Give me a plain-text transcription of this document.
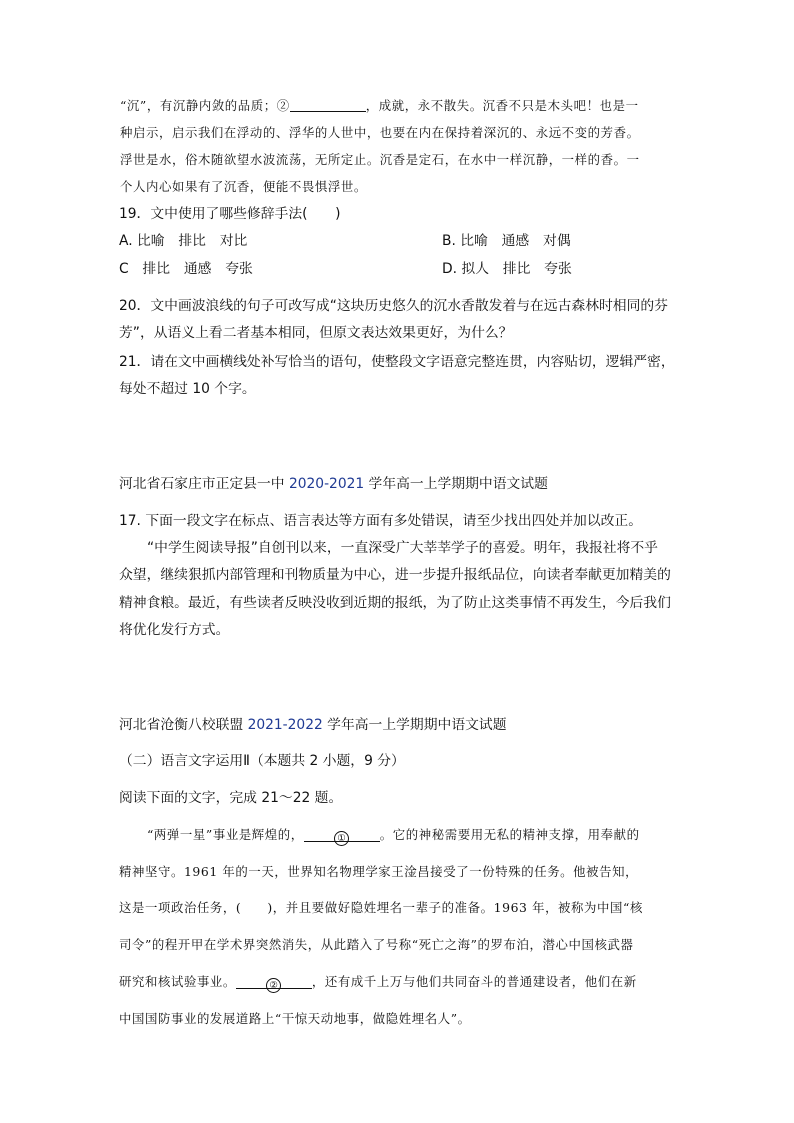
“沉”，有沉静内敛的品质；②	，成就，永不散失。沉香不只是木头吧！也是一
种启示，启示我们在浮动的、浮华的人世中，也要在内在保持着深沉的、永远不变的芳香。
浮世是水，俗木随欲望水波流荡，无所定止。沉香是定石，在水中一样沉静，一样的香。一
个人内心如果有了沉香，便能不畏惧浮世。
19．文中使用了哪些修辞手法(　　)
A. 比喻　排比　对比	B. 比喻　通感　对偶
C　排比　通感　夸张	D. 拟人　排比　夸张
20．文中画波浪线的句子可改写成“这块历史悠久的沉水香散发着与在远古森林时相同的芬
芳”，从语义上看二者基本相同，但原文表达效果更好，为什么？
21．请在文中画横线处补写恰当的语句，使整段文字语意完整连贯，内容贴切，逻辑严密，
每处不超过 10 个字。
河北省石家庄市正定县一中 2020-2021 学年高一上学期期中语文试题
17. 下面一段文字在标点、语言表达等方面有多处错误，请至少找出四处并加以改正。
“中学生阅读导报”自创刊以来，一直深受广大莘莘学子的喜爱。明年，我报社将不乎
众望，继续狠抓内部管理和刊物质量为中心，进一步提升报纸品位，向读者奉献更加精美的
精神食粮。最近，有些读者反映没收到近期的报纸，为了防止这类事情不再发生，今后我们
将优化发行方式。
河北省沧衡八校联盟 2021-2022 学年高一上学期期中语文试题
（二）语言文字运用Ⅱ（本题共 2 小题，9 分）
阅读下面的文字，完成 21～22 题。
“两弹一星”事业是辉煌的，	①	。它的神秘需要用无私的精神支撑，用奉献的
精神坚守。1961 年的一天，世界知名物理学家王淦昌接受了一份特殊的任务。他被告知，
这是一项政治任务，(　　)，并且要做好隐姓埋名一辈子的准备。1963 年，被称为中国“核
司令”的程开甲在学术界突然消失，从此踏入了号称“死亡之海”的罗布泊，潜心中国核武器
研究和核试验事业。	②	，还有成千上万与他们共同奋斗的普通建设者，他们在新
中国国防事业的发展道路上“干惊天动地事，做隐姓埋名人”。
